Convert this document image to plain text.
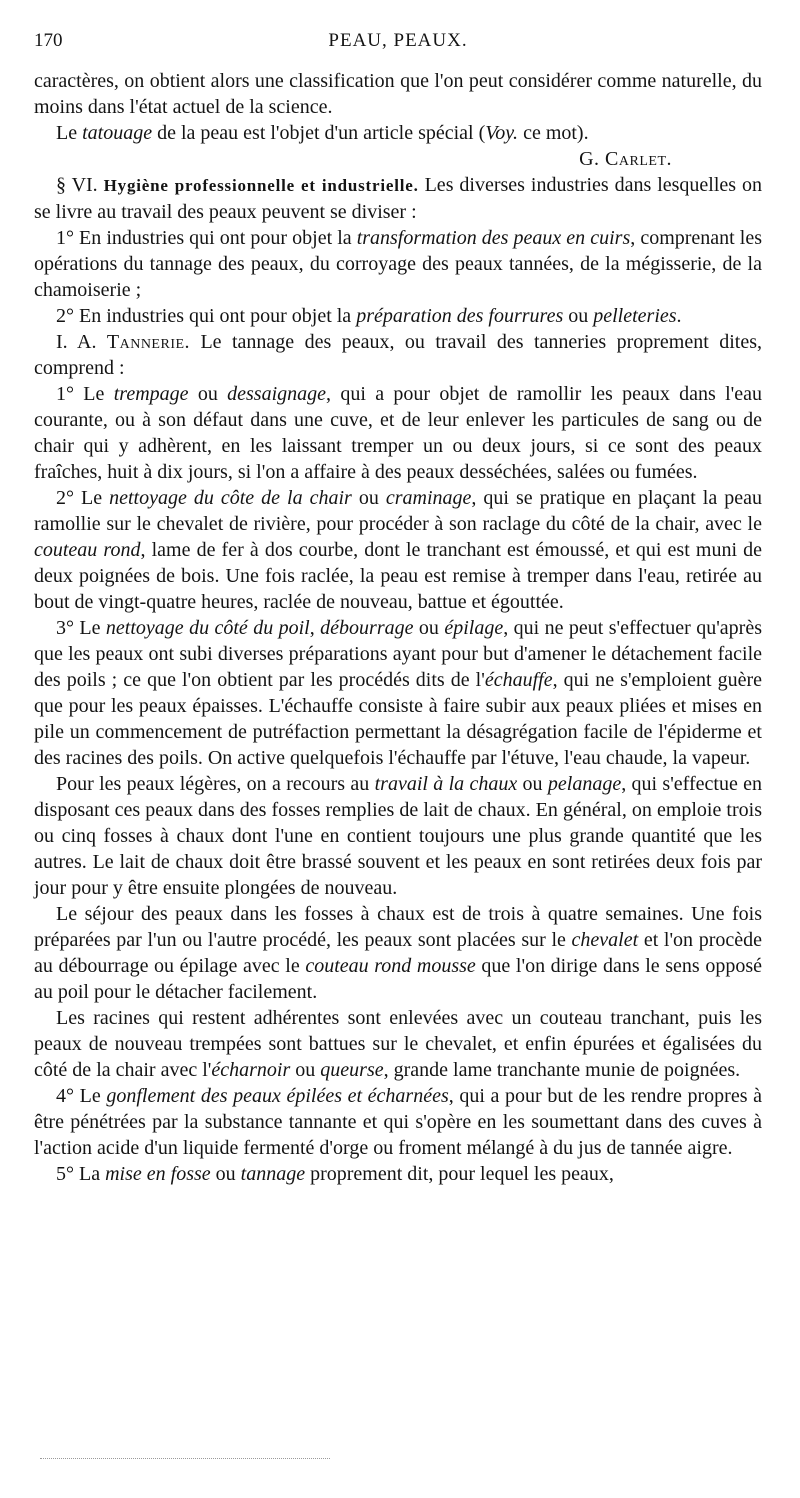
170	PEAU, PEAUX.

caractères, on obtient alors une classification que l'on peut considérer comme naturelle, du moins dans l'état actuel de la science.

Le tatouage de la peau est l'objet d'un article spécial (Voy. ce mot).

G. Carlet.

§ VI. Hygiène professionnelle et industrielle. Les diverses industries dans lesquelles on se livre au travail des peaux peuvent se diviser :

1° En industries qui ont pour objet la transformation des peaux en cuirs, comprenant les opérations du tannage des peaux, du corroyage des peaux tannées, de la mégisserie, de la chamoiserie ;

2° En industries qui ont pour objet la préparation des fourrures ou pelleteries.

I. A. Tannerie. Le tannage des peaux, ou travail des tanneries proprement dites, comprend :

1° Le trempage ou dessaignage, qui a pour objet de ramollir les peaux dans l'eau courante, ou à son défaut dans une cuve, et de leur enlever les particules de sang ou de chair qui y adhèrent, en les laissant tremper un ou deux jours, si ce sont des peaux fraîches, huit à dix jours, si l'on a affaire à des peaux desséchées, salées ou fumées.

2° Le nettoyage du côte de la chair ou craminage, qui se pratique en plaçant la peau ramollie sur le chevalet de rivière, pour procéder à son raclage du côté de la chair, avec le couteau rond, lame de fer à dos courbe, dont le tranchant est émoussé, et qui est muni de deux poignées de bois. Une fois raclée, la peau est remise à tremper dans l'eau, retirée au bout de vingt-quatre heures, raclée de nouveau, battue et égouttée.

3° Le nettoyage du côté du poil, débourrage ou épilage, qui ne peut s'effectuer qu'après que les peaux ont subi diverses préparations ayant pour but d'amener le détachement facile des poils ; ce que l'on obtient par les procédés dits de l'échauffe, qui ne s'emploient guère que pour les peaux épaisses. L'échauffe consiste à faire subir aux peaux pliées et mises en pile un commencement de putréfaction permettant la désagrégation facile de l'épiderme et des racines des poils. On active quelquefois l'échauffe par l'étuve, l'eau chaude, la vapeur.

Pour les peaux légères, on a recours au travail à la chaux ou pelanage, qui s'effectue en disposant ces peaux dans des fosses remplies de lait de chaux. En général, on emploie trois ou cinq fosses à chaux dont l'une en contient toujours une plus grande quantité que les autres. Le lait de chaux doit être brassé souvent et les peaux en sont retirées deux fois par jour pour y être ensuite plongées de nouveau.

Le séjour des peaux dans les fosses à chaux est de trois à quatre semaines. Une fois préparées par l'un ou l'autre procédé, les peaux sont placées sur le chevalet et l'on procède au débourrage ou épilage avec le couteau rond mousse que l'on dirige dans le sens opposé au poil pour le détacher facilement.

Les racines qui restent adhérentes sont enlevées avec un couteau tranchant, puis les peaux de nouveau trempées sont battues sur le chevalet, et enfin épurées et égalisées du côté de la chair avec l'écharnoir ou queurse, grande lame tranchante munie de poignées.

4° Le gonflement des peaux épilées et écharnées, qui a pour but de les rendre propres à être pénétrées par la substance tannante et qui s'opère en les soumettant dans des cuves à l'action acide d'un liquide fermenté d'orge ou froment mélangé à du jus de tannée aigre.

5° La mise en fosse ou tannage proprement dit, pour lequel les peaux,
